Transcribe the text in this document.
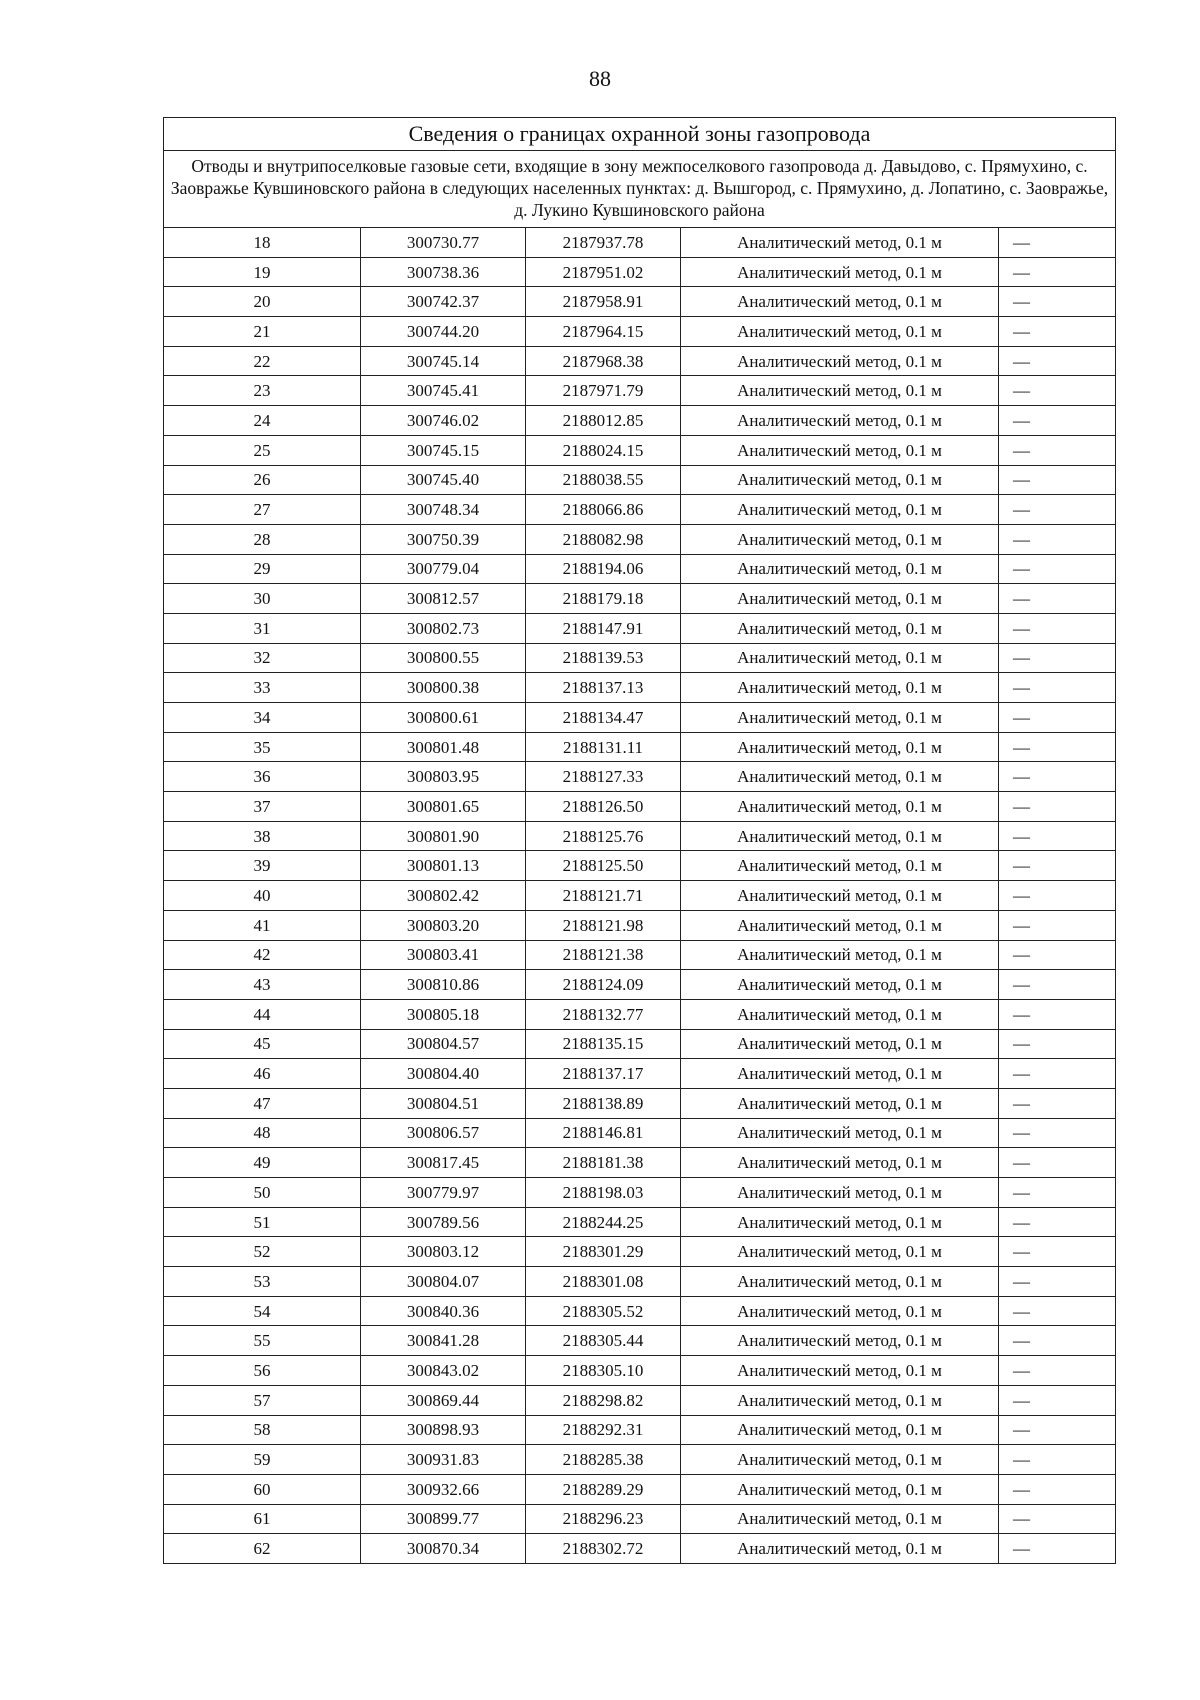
88
Сведения о границах охранной зоны газопровода				
Отводы и внутрипоселковые газовые сети, входящие в зону межпоселкового газопровода д. Давыдово, с. Прямухино, с. Заовражье Кувшиновского района в следующих населенных пунктах: д. Вышгород, с. Прямухино, д. Лопатино, с. Заовражье, д. Лукино Кувшиновского района				
18	300730.77	2187937.78	Аналитический метод, 0.1 м	—
19	300738.36	2187951.02	Аналитический метод, 0.1 м	—
20	300742.37	2187958.91	Аналитический метод, 0.1 м	—
21	300744.20	2187964.15	Аналитический метод, 0.1 м	—
22	300745.14	2187968.38	Аналитический метод, 0.1 м	—
23	300745.41	2187971.79	Аналитический метод, 0.1 м	—
24	300746.02	2188012.85	Аналитический метод, 0.1 м	—
25	300745.15	2188024.15	Аналитический метод, 0.1 м	—
26	300745.40	2188038.55	Аналитический метод, 0.1 м	—
27	300748.34	2188066.86	Аналитический метод, 0.1 м	—
28	300750.39	2188082.98	Аналитический метод, 0.1 м	—
29	300779.04	2188194.06	Аналитический метод, 0.1 м	—
30	300812.57	2188179.18	Аналитический метод, 0.1 м	—
31	300802.73	2188147.91	Аналитический метод, 0.1 м	—
32	300800.55	2188139.53	Аналитический метод, 0.1 м	—
33	300800.38	2188137.13	Аналитический метод, 0.1 м	—
34	300800.61	2188134.47	Аналитический метод, 0.1 м	—
35	300801.48	2188131.11	Аналитический метод, 0.1 м	—
36	300803.95	2188127.33	Аналитический метод, 0.1 м	—
37	300801.65	2188126.50	Аналитический метод, 0.1 м	—
38	300801.90	2188125.76	Аналитический метод, 0.1 м	—
39	300801.13	2188125.50	Аналитический метод, 0.1 м	—
40	300802.42	2188121.71	Аналитический метод, 0.1 м	—
41	300803.20	2188121.98	Аналитический метод, 0.1 м	—
42	300803.41	2188121.38	Аналитический метод, 0.1 м	—
43	300810.86	2188124.09	Аналитический метод, 0.1 м	—
44	300805.18	2188132.77	Аналитический метод, 0.1 м	—
45	300804.57	2188135.15	Аналитический метод, 0.1 м	—
46	300804.40	2188137.17	Аналитический метод, 0.1 м	—
47	300804.51	2188138.89	Аналитический метод, 0.1 м	—
48	300806.57	2188146.81	Аналитический метод, 0.1 м	—
49	300817.45	2188181.38	Аналитический метод, 0.1 м	—
50	300779.97	2188198.03	Аналитический метод, 0.1 м	—
51	300789.56	2188244.25	Аналитический метод, 0.1 м	—
52	300803.12	2188301.29	Аналитический метод, 0.1 м	—
53	300804.07	2188301.08	Аналитический метод, 0.1 м	—
54	300840.36	2188305.52	Аналитический метод, 0.1 м	—
55	300841.28	2188305.44	Аналитический метод, 0.1 м	—
56	300843.02	2188305.10	Аналитический метод, 0.1 м	—
57	300869.44	2188298.82	Аналитический метод, 0.1 м	—
58	300898.93	2188292.31	Аналитический метод, 0.1 м	—
59	300931.83	2188285.38	Аналитический метод, 0.1 м	—
60	300932.66	2188289.29	Аналитический метод, 0.1 м	—
61	300899.77	2188296.23	Аналитический метод, 0.1 м	—
62	300870.34	2188302.72	Аналитический метод, 0.1 м	—
